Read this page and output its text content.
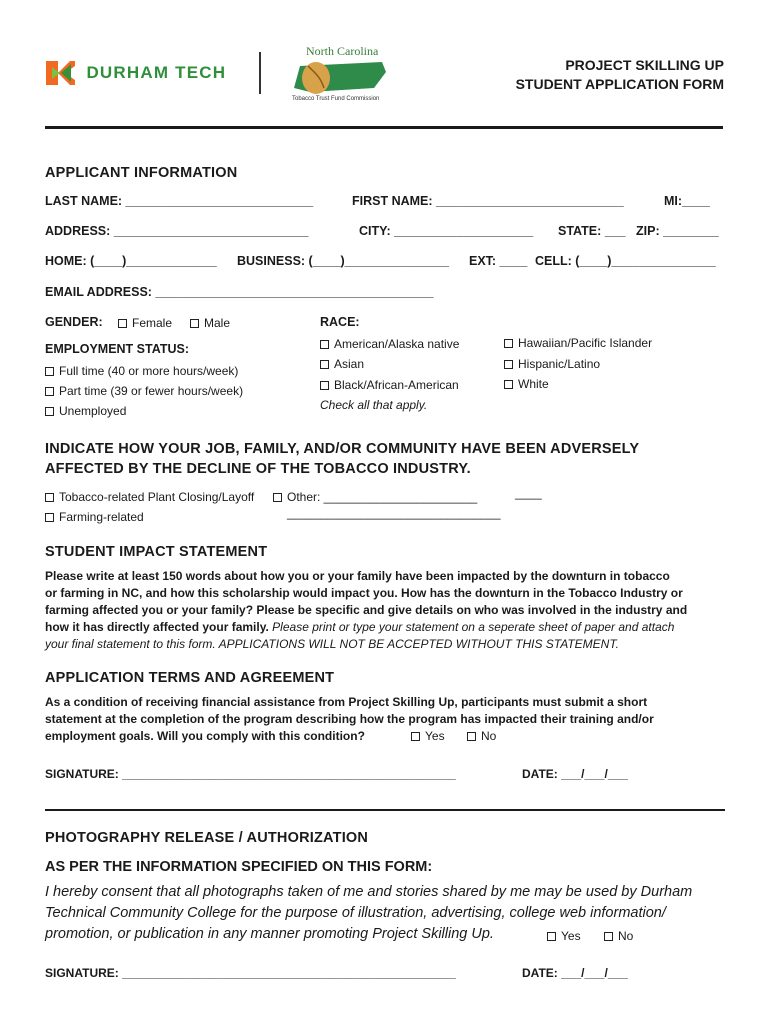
DURHAM TECH
North Carolina
Tobacco Trust Fund Commission
PROJECT SKILLING UP
STUDENT APPLICATION FORM
APPLICANT INFORMATION
LAST NAME: ___________________________	FIRST NAME: ___________________________	MI:____
ADDRESS: ____________________________	CITY: ____________________ STATE: ___ ZIP: ________
HOME: (____)_____________ BUSINESS: (____)_______________ EXT: ____ CELL: (____)_______________
EMAIL ADDRESS: ________________________________________
GENDER:	Female	Male
EMPLOYMENT STATUS:
Full time (40 or more hours/week)
Part time (39 or fewer hours/week)
Unemployed
RACE:
American/Alaska native
Asian
Black/African-American
Check all that apply.
Hawaiian/Pacific Islander
Hispanic/Latino
White
INDICATE HOW YOUR JOB, FAMILY, AND/OR COMMUNITY HAVE BEEN ADVERSELY
AFFECTED BY THE DECLINE OF THE TOBACCO INDUSTRY.
Tobacco-related Plant Closing/Layoff	Other: _______________________	____
Farming-related	________________________________
STUDENT IMPACT STATEMENT
Please write at least 150 words about how you or your family have been impacted by the downturn in tobacco
or farming in NC, and how this scholarship would impact you. How has the downturn in the Tobacco Industry or
farming affected you or your family? Please be specific and give details on who was involved in the industry and
how it has directly affected your family. Please print or type your statement on a seperate sheet of paper and attach
your final statement to this form. APPLICATIONS WILL NOT BE ACCEPTED WITHOUT THIS STATEMENT.
APPLICATION TERMS AND AGREEMENT
As a condition of receiving financial assistance from Project Skilling Up, participants must submit a short
statement at the completion of the program describing how the program has impacted their training and/or
employment goals. Will you comply with this condition?	Yes	No
SIGNATURE: __________________________________________________	DATE: ___/___/___
PHOTOGRAPHY RELEASE / AUTHORIZATION
AS PER THE INFORMATION SPECIFIED ON THIS FORM:
I hereby consent that all photographs taken of me and stories shared by me may be used by Durham
Technical Community College for the purpose of illustration, advertising, college web information/
promotion, or publication in any manner promoting Project Skilling Up.	Yes	No
SIGNATURE: __________________________________________________	DATE: ___/___/___
